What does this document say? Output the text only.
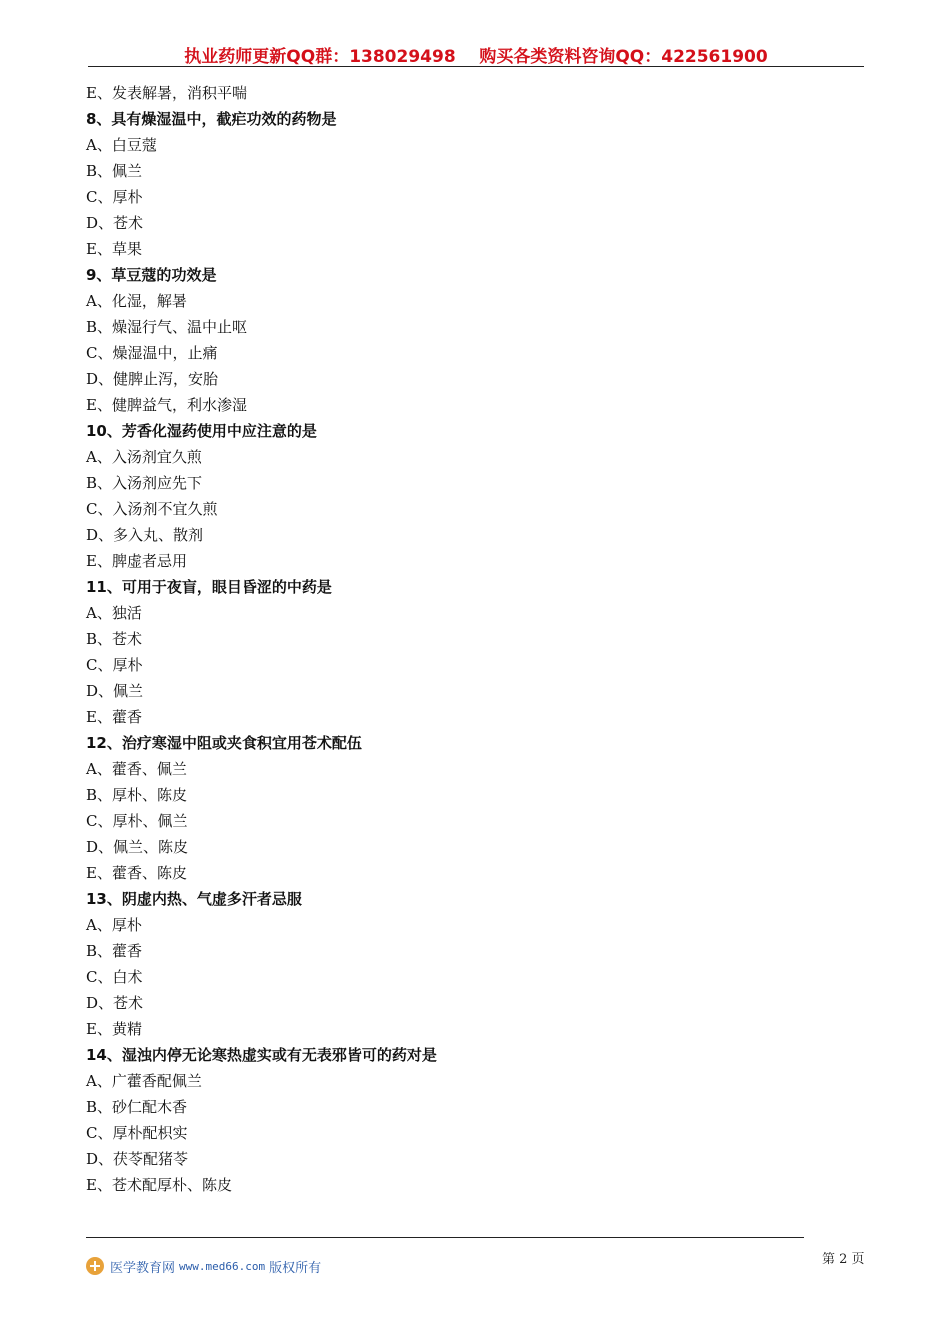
执业药师更新QQ群：138029498    购买各类资料咨询QQ：422561900
E、发表解暑，消积平喘
8、具有燥湿温中，截疟功效的药物是
A、白豆蔻
B、佩兰
C、厚朴
D、苍术
E、草果
9、草豆蔻的功效是
A、化湿，解暑
B、燥湿行气、温中止呕
C、燥湿温中，止痛
D、健脾止泻，安胎
E、健脾益气，利水渗湿
10、芳香化湿药使用中应注意的是
A、入汤剂宜久煎
B、入汤剂应先下
C、入汤剂不宜久煎
D、多入丸、散剂
E、脾虚者忌用
11、可用于夜盲，眼目昏涩的中药是
A、独活
B、苍术
C、厚朴
D、佩兰
E、藿香
12、治疗寒湿中阻或夹食积宜用苍术配伍
A、藿香、佩兰
B、厚朴、陈皮
C、厚朴、佩兰
D、佩兰、陈皮
E、藿香、陈皮
13、阴虚内热、气虚多汗者忌服
A、厚朴
B、藿香
C、白术
D、苍术
E、黄精
14、湿浊内停无论寒热虚实或有无表邪皆可的药对是
A、广藿香配佩兰
B、砂仁配木香
C、厚朴配枳实
D、茯苓配猪苓
E、苍术配厚朴、陈皮
医学教育网 www.med66.com 版权所有
第 2 页
